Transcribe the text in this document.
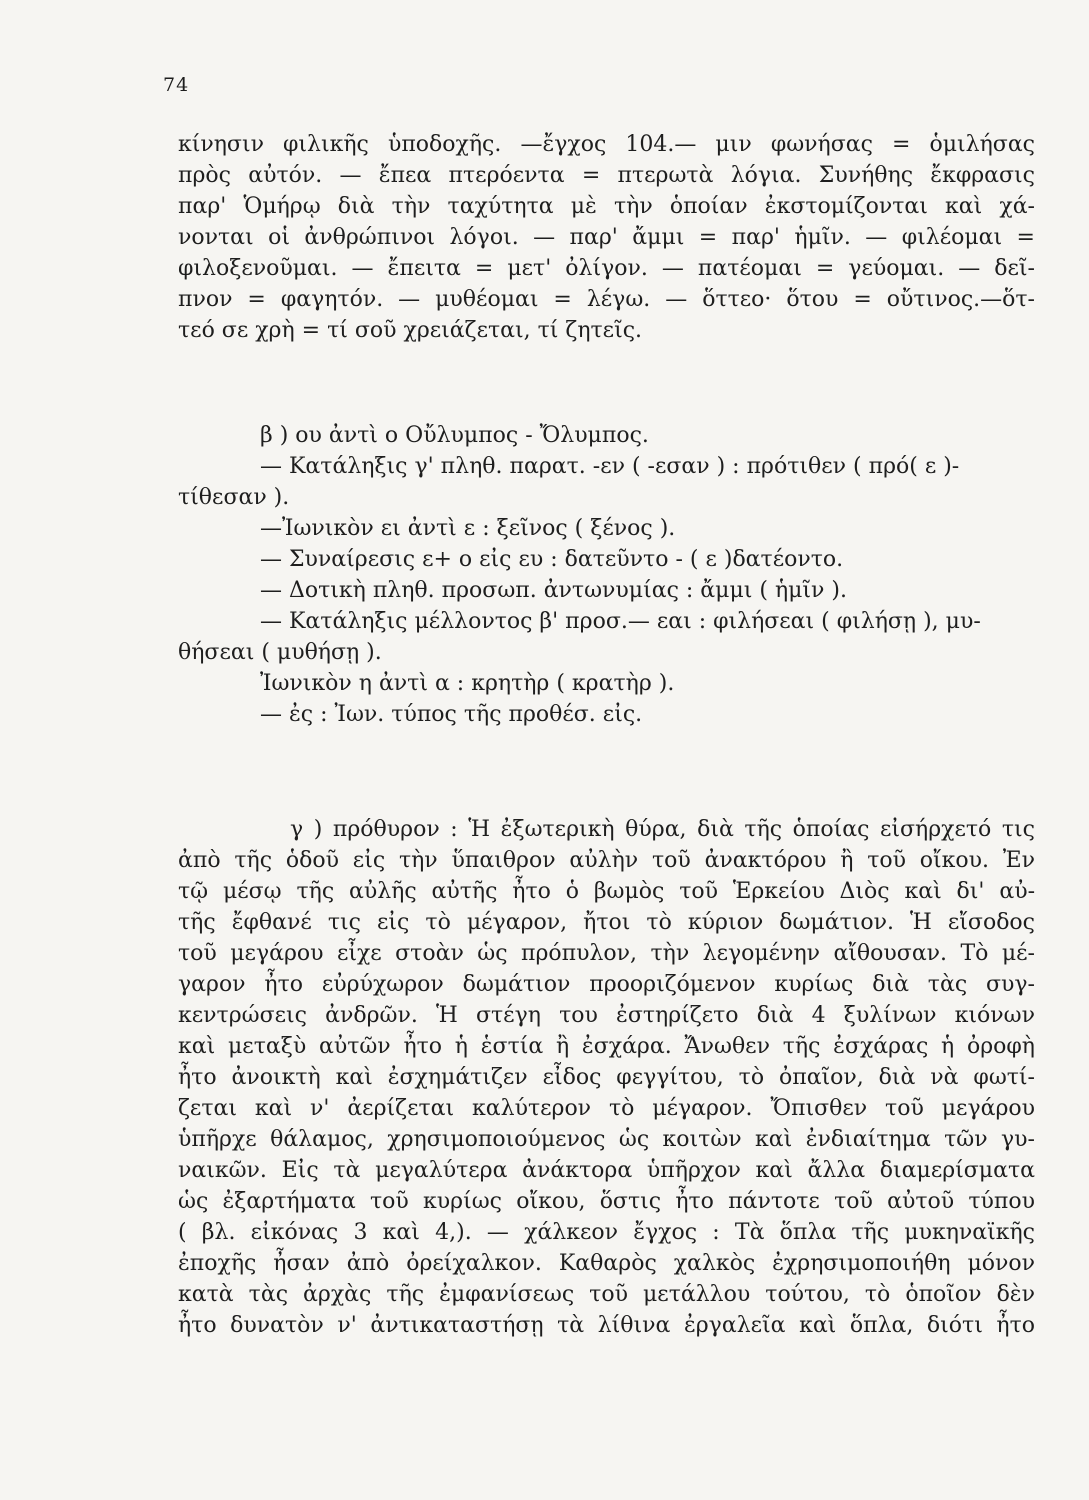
74
κίνησιν φιλικῆς ὑποδοχῆς. —ἔγχος 104.— μιν φωνήσας = ὁμιλήσας
πρὸς αὐτόν. — ἔπεα πτερόεντα = πτερωτὰ λόγια. Συνήθης ἔκφρασις
παρ' Ὁμήρῳ διὰ τὴν ταχύτητα μὲ τὴν ὁποίαν ἐκστομίζονται καὶ χά-
νονται οἱ ἀνθρώπινοι λόγοι. — παρ' ἄμμι = παρ' ἡμῖν. — φιλέομαι =
φιλοξενοῦμαι. — ἔπειτα = μετ' ὀλίγον. — πατέομαι = γεύομαι. — δεῖ-
πνον = φαγητόν. — μυθέομαι = λέγω. — ὅττεο· ὅτου = οὔτινος.—ὅτ-
τεό σε χρὴ = τί σοῦ χρειάζεται, τί ζητεῖς.
β ) ου ἀντὶ ο Οὔλυμπος - Ὄλυμπος.
— Κατάληξις γ' πληθ. παρατ. -εν ( -εσαν ) : πρότιθεν ( πρό( ε )-
τίθεσαν ).
—Ἰωνικὸν ει ἀντὶ ε : ξεῖνος ( ξένος ).
— Συναίρεσις ε+ ο εἰς ευ : δατεῦντο - ( ε )δατέοντο.
— Δοτικὴ πληθ. προσωπ. ἀντωνυμίας : ἄμμι ( ἡμῖν ).
— Κατάληξις μέλλοντος β' προσ.— εαι : φιλήσεαι ( φιλήσῃ ), μυ-
θήσεαι ( μυθήσῃ ).
Ἰωνικὸν η ἀντὶ α : κρητὴρ ( κρατὴρ ).
— ἐς : Ἰων. τύπος τῆς προθέσ. εἰς.
γ ) πρόθυρον : Ἡ ἐξωτερικὴ θύρα, διὰ τῆς ὁποίας εἰσήρχετό τις
ἀπὸ τῆς ὁδοῦ εἰς τὴν ὕπαιθρον αὐλὴν τοῦ ἀνακτόρου ἢ τοῦ οἴκου. Ἐν
τῷ μέσῳ τῆς αὐλῆς αὐτῆς ἦτο ὁ βωμὸς τοῦ Ἑρκείου Διὸς καὶ δι' αὐ-
τῆς ἔφθανέ τις εἰς τὸ μέγαρον, ἤτοι τὸ κύριον δωμάτιον. Ἡ εἴσοδος
τοῦ μεγάρου εἶχε στοὰν ὡς πρόπυλον, τὴν λεγομένην αἴθουσαν. Τὸ μέ-
γαρον ἦτο εὐρύχωρον δωμάτιον προοριζόμενον κυρίως διὰ τὰς συγ-
κεντρώσεις ἀνδρῶν. Ἡ στέγη του ἐστηρίζετο διὰ 4 ξυλίνων κιόνων
καὶ μεταξὺ αὐτῶν ἦτο ἡ ἑστία ἢ ἐσχάρα. Ἄνωθεν τῆς ἐσχάρας ἡ ὀροφὴ
ἦτο ἀνοικτὴ καὶ ἐσχημάτιζεν εἶδος φεγγίτου, τὸ ὀπαῖον, διὰ νὰ φωτί-
ζεται καὶ ν' ἀερίζεται καλύτερον τὸ μέγαρον. Ὄπισθεν τοῦ μεγάρου
ὑπῆρχε θάλαμος, χρησιμοποιούμενος ὡς κοιτὼν καὶ ἐνδιαίτημα τῶν γυ-
ναικῶν. Εἰς τὰ μεγαλύτερα ἀνάκτορα ὑπῆρχον καὶ ἄλλα διαμερίσματα
ὡς ἐξαρτήματα τοῦ κυρίως οἴκου, ὅστις ἦτο πάντοτε τοῦ αὐτοῦ τύπου
( βλ. εἰκόνας 3 καὶ 4,). — χάλκεον ἔγχος : Τὰ ὅπλα τῆς μυκηναϊκῆς
ἐποχῆς ἦσαν ἀπὸ ὀρείχαλκον. Καθαρὸς χαλκὸς ἐχρησιμοποιήθη μόνον
κατὰ τὰς ἀρχὰς τῆς ἐμφανίσεως τοῦ μετάλλου τούτου, τὸ ὁποῖον δὲν
ἦτο δυνατὸν ν' ἀντικαταστήσῃ τὰ λίθινα ἐργαλεῖα καὶ ὅπλα, διότι ἦτο
